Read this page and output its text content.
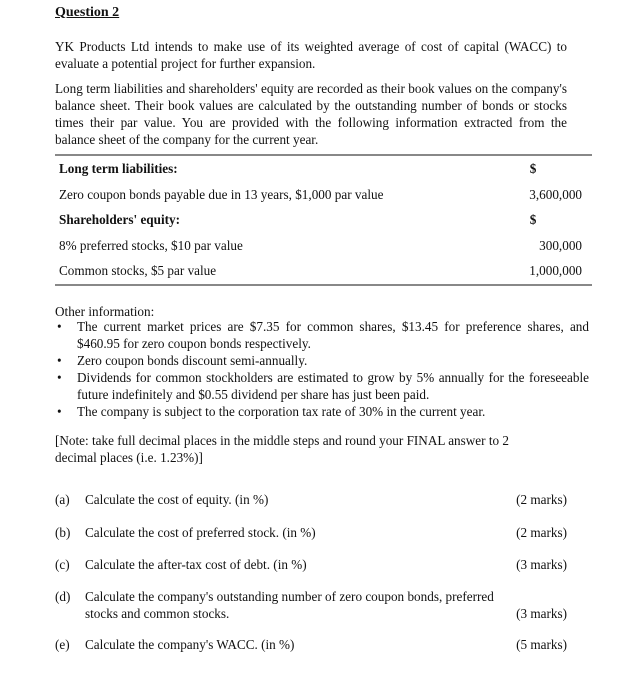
Question 2
YK Products Ltd intends to make use of its weighted average of cost of capital (WACC) to evaluate a potential project for further expansion.
Long term liabilities and shareholders' equity are recorded as their book values on the company's balance sheet. Their book values are calculated by the outstanding number of bonds or stocks times their par value. You are provided with the following information extracted from the balance sheet of the company for the current year.
Long term liabilities:	$
Zero coupon bonds payable due in 13 years, $1,000 par value	3,600,000
Shareholders' equity:	$
8% preferred stocks, $10 par value	300,000
Common stocks, $5 par value	1,000,000
Other information:
• The current market prices are $7.35 for common shares, $13.45 for preference shares, and $460.95 for zero coupon bonds respectively.
• Zero coupon bonds discount semi-annually.
• Dividends for common stockholders are estimated to grow by 5% annually for the foreseeable future indefinitely and $0.55 dividend per share has just been paid.
• The company is subject to the corporation tax rate of 30% in the current year.
[Note: take full decimal places in the middle steps and round your FINAL answer to 2 decimal places (i.e. 1.23%)]
(a) Calculate the cost of equity. (in %)	(2 marks)
(b) Calculate the cost of preferred stock. (in %)	(2 marks)
(c) Calculate the after-tax cost of debt. (in %)	(3 marks)
(d) Calculate the company's outstanding number of zero coupon bonds, preferred stocks and common stocks.	(3 marks)
(e) Calculate the company's WACC. (in %)	(5 marks)
